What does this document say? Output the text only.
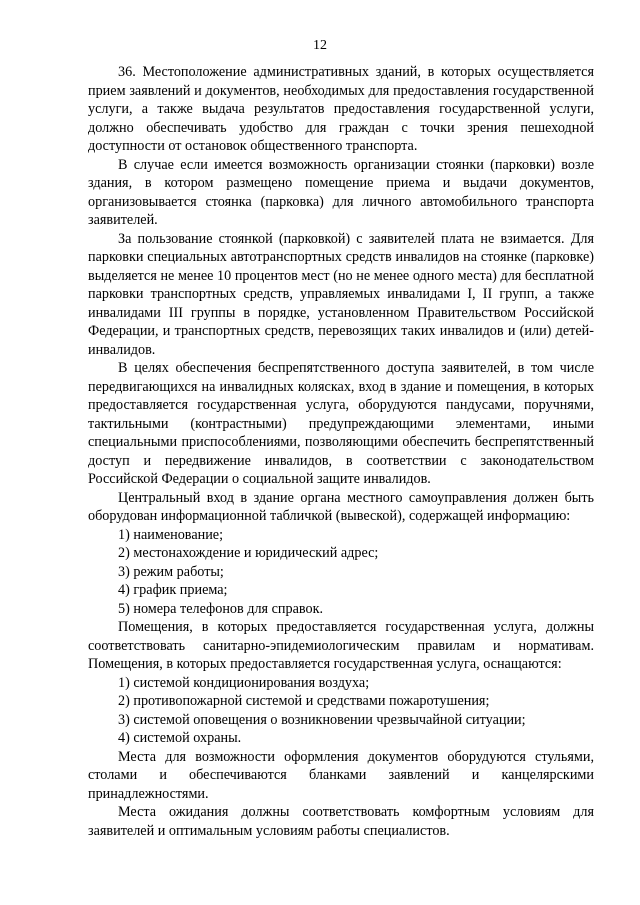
12

36. Местоположение административных зданий, в которых осуществляется прием заявлений и документов, необходимых для предоставления государственной услуги, а также выдача результатов предоставления государственной услуги, должно обеспечивать удобство для граждан с точки зрения пешеходной доступности от остановок общественного транспорта.

В случае если имеется возможность организации стоянки (парковки) возле здания, в котором размещено помещение приема и выдачи документов, организовывается стоянка (парковка) для личного автомобильного транспорта заявителей.

За пользование стоянкой (парковкой) с заявителей плата не взимается. Для парковки специальных автотранспортных средств инвалидов на стоянке (парковке) выделяется не менее 10 процентов мест (но не менее одного места) для бесплатной парковки транспортных средств, управляемых инвалидами I, II групп, а также инвалидами III группы в порядке, установленном Правительством Российской Федерации, и транспортных средств, перевозящих таких инвалидов и (или) детей-инвалидов.

В целях обеспечения беспрепятственного доступа заявителей, в том числе передвигающихся на инвалидных колясках, вход в здание и помещения, в которых предоставляется государственная услуга, оборудуются пандусами, поручнями, тактильными (контрастными) предупреждающими элементами, иными специальными приспособлениями, позволяющими обеспечить беспрепятственный доступ и передвижение инвалидов, в соответствии с законодательством Российской Федерации о социальной защите инвалидов.

Центральный вход в здание органа местного самоуправления должен быть оборудован информационной табличкой (вывеской), содержащей информацию:

1) наименование;

2) местонахождение и юридический адрес;

3) режим работы;

4) график приема;

5) номера телефонов для справок.

Помещения, в которых предоставляется государственная услуга, должны соответствовать санитарно-эпидемиологическим правилам и нормативам. Помещения, в которых предоставляется государственная услуга, оснащаются:

1) системой кондиционирования воздуха;

2) противопожарной системой и средствами пожаротушения;

3) системой оповещения о возникновении чрезвычайной ситуации;

4) системой охраны.

Места для возможности оформления документов оборудуются стульями, столами и обеспечиваются бланками заявлений и канцелярскими принадлежностями.

Места ожидания должны соответствовать комфортным условиям для заявителей и оптимальным условиям работы специалистов.
